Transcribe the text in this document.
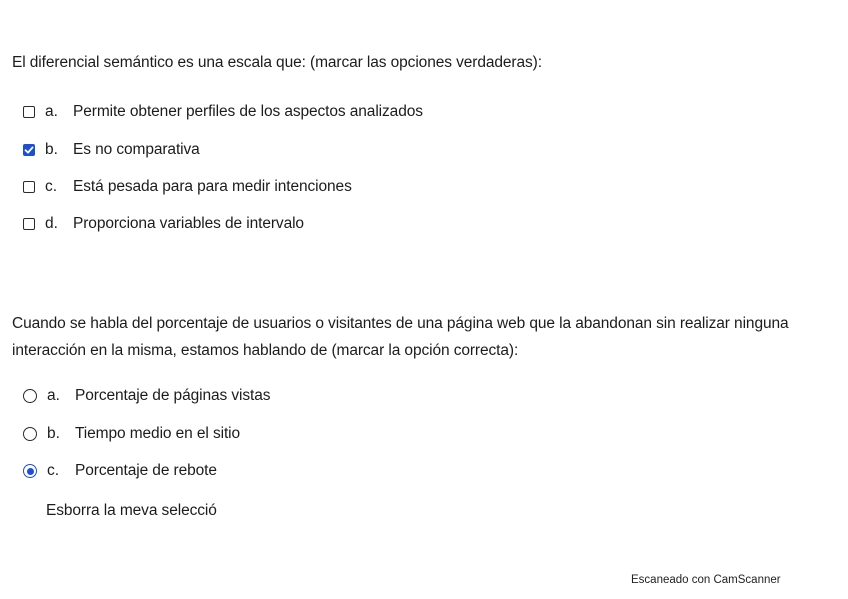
El diferencial semántico es una escala que: (marcar las opciones verdaderas):
a. Permite obtener perfiles de los aspectos analizados
b. Es no comparativa
c.	Está pesada para para medir intenciones
d. Proporciona variables de intervalo
Cuando se habla del porcentaje de usuarios o visitantes de una página web que la abandonan sin realizar ninguna interacción en la misma, estamos hablando de (marcar la opción correcta):
a. Porcentaje de páginas vistas
b. Tiempo medio en el sitio
c.	Porcentaje de rebote
Esborra la meva selecció
Escaneado con CamScanner
